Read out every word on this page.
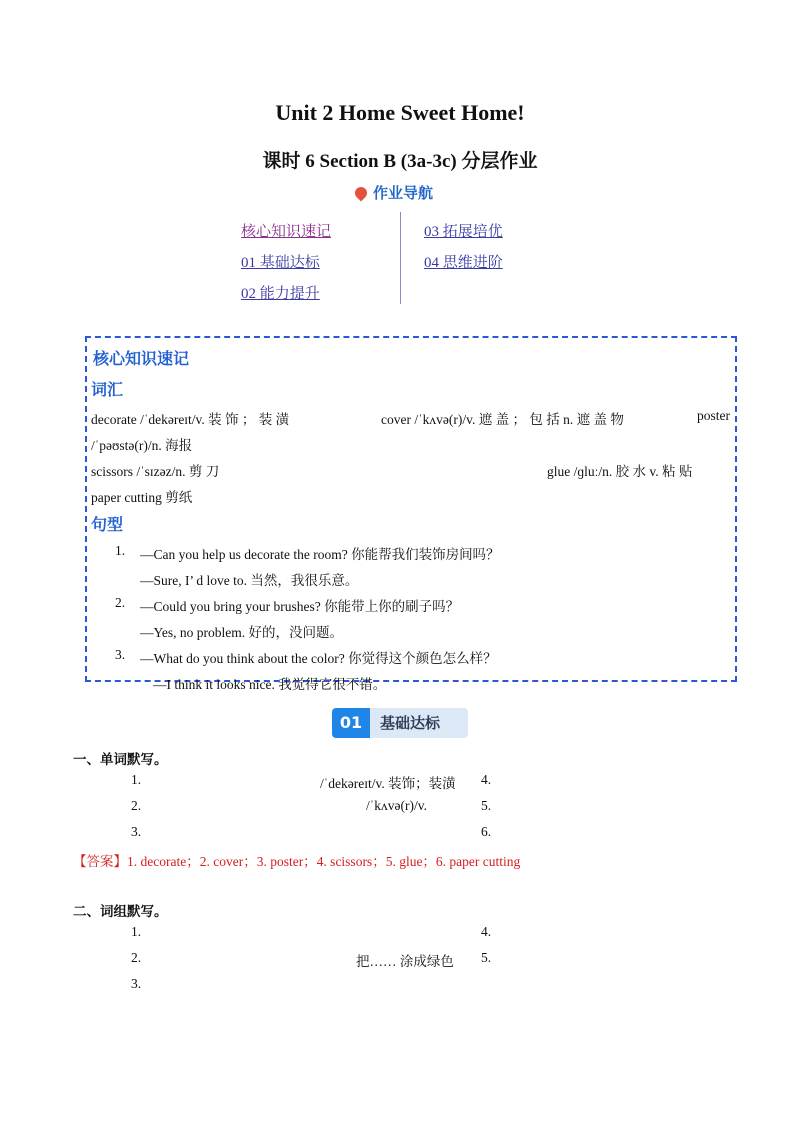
Unit 2 Home Sweet Home!
课时 6 Section B (3a-3c) 分层作业
作业导航
核心知识速记
01 基础达标
02 能力提升
03 拓展培优
04 思维进阶
核心知识速记
词汇
decorate /ˈdekəreɪt/v. 装 饰 ； 装 潢	cover /ˈkʌvə(r)/v. 遮 盖 ； 包 括 n. 遮 盖 物	poster
/ˈpəʊstə(r)/n. 海报
scissors /ˈsɪzəz/n. 剪 刀	glue /ɡluː/n. 胶 水 v. 粘 贴
paper cutting 剪纸
句型
1. —Can you help us decorate the room? 你能帮我们装饰房间吗？
—Sure, I’ d love to. 当然，我很乐意。
2. —Could you bring your brushes? 你能带上你的刷子吗？
—Yes, no problem. 好的，没问题。
3. —What do you think about the color? 你觉得这个颜色怎么样？
—I think it looks nice. 我觉得它很不错。
01	基础达标
一、单词默写。
1.	/ˈdekəreɪt/v. 装饰；装潢 4.
2.	/ˈkʌvə(r)/v.	5.
3.	6.
【答案】1. decorate；2. cover；3. poster；4. scissors；5. glue；6. paper cutting
二、词组默写。
1.	4.
2.	把…… 涂成绿色 5.
3.
